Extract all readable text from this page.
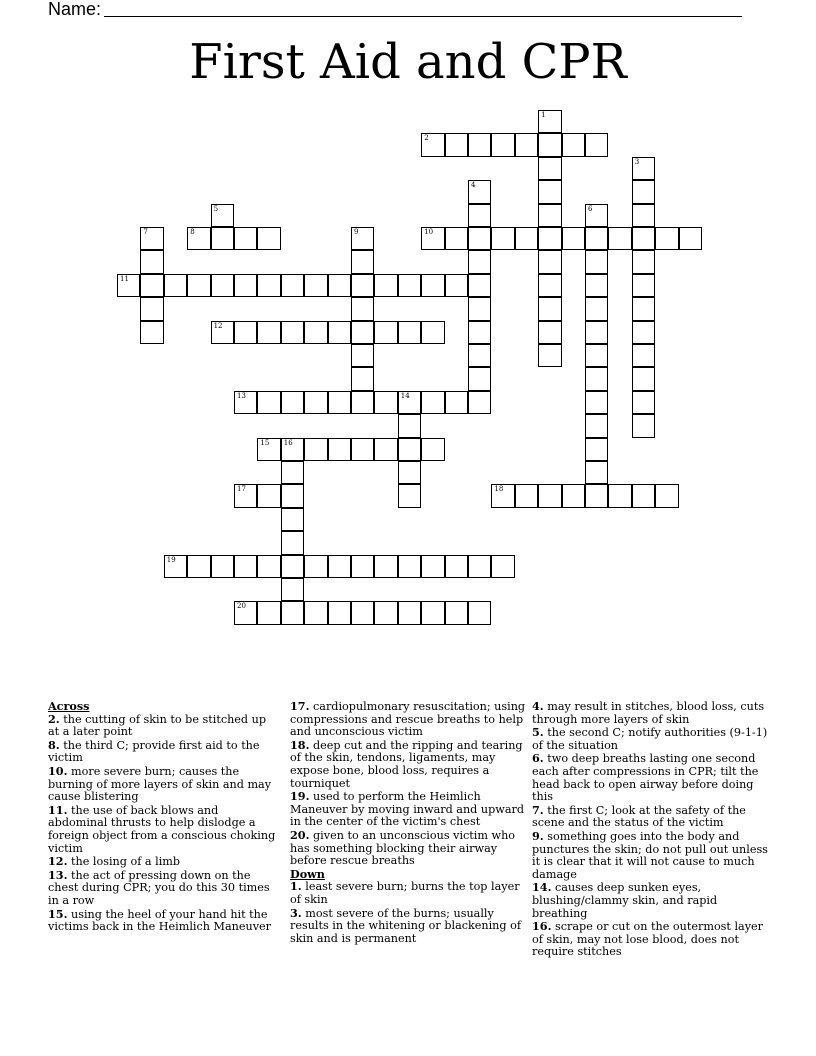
Name:
First Aid and CPR
2
8	10
11
12
13	14
15 16
17	18
19
20
1
3
4
5	6
7	9
Across
2. the cutting of skin to be stitched up at a later point
8. the third C; provide first aid to the victim
10. more severe burn; causes the burning of more layers of skin and may cause blistering
11. the use of back blows and abdominal thrusts to help dislodge a foreign object from a conscious choking victim
12. the losing of a limb
13. the act of pressing down on the chest during CPR; you do this 30 times in a row
15. using the heel of your hand hit the victims back in the Heimlich Maneuver
17. cardiopulmonary resuscitation; using compressions and rescue breaths to help and unconscious victim
18. deep cut and the ripping and tearing of the skin, tendons, ligaments, may expose bone, blood loss, requires a tourniquet
19. used to perform the Heimlich Maneuver by moving inward and upward in the center of the victim's chest
20. given to an unconscious victim who has something blocking their airway before rescue breaths
Down
1. least severe burn; burns the top layer of skin
3. most severe of the burns; usually results in the whitening or blackening of skin and is permanent
4. may result in stitches, blood loss, cuts through more layers of skin
5. the second C; notify authorities (9-1-1) of the situation
6. two deep breaths lasting one second each after compressions in CPR; tilt the head back to open airway before doing this
7. the first C; look at the safety of the scene and the status of the victim
9. something goes into the body and punctures the skin; do not pull out unless it is clear that it will not cause to much damage
14. causes deep sunken eyes, blushing/clammy skin, and rapid breathing
16. scrape or cut on the outermost layer of skin, may not lose blood, does not require stitches
